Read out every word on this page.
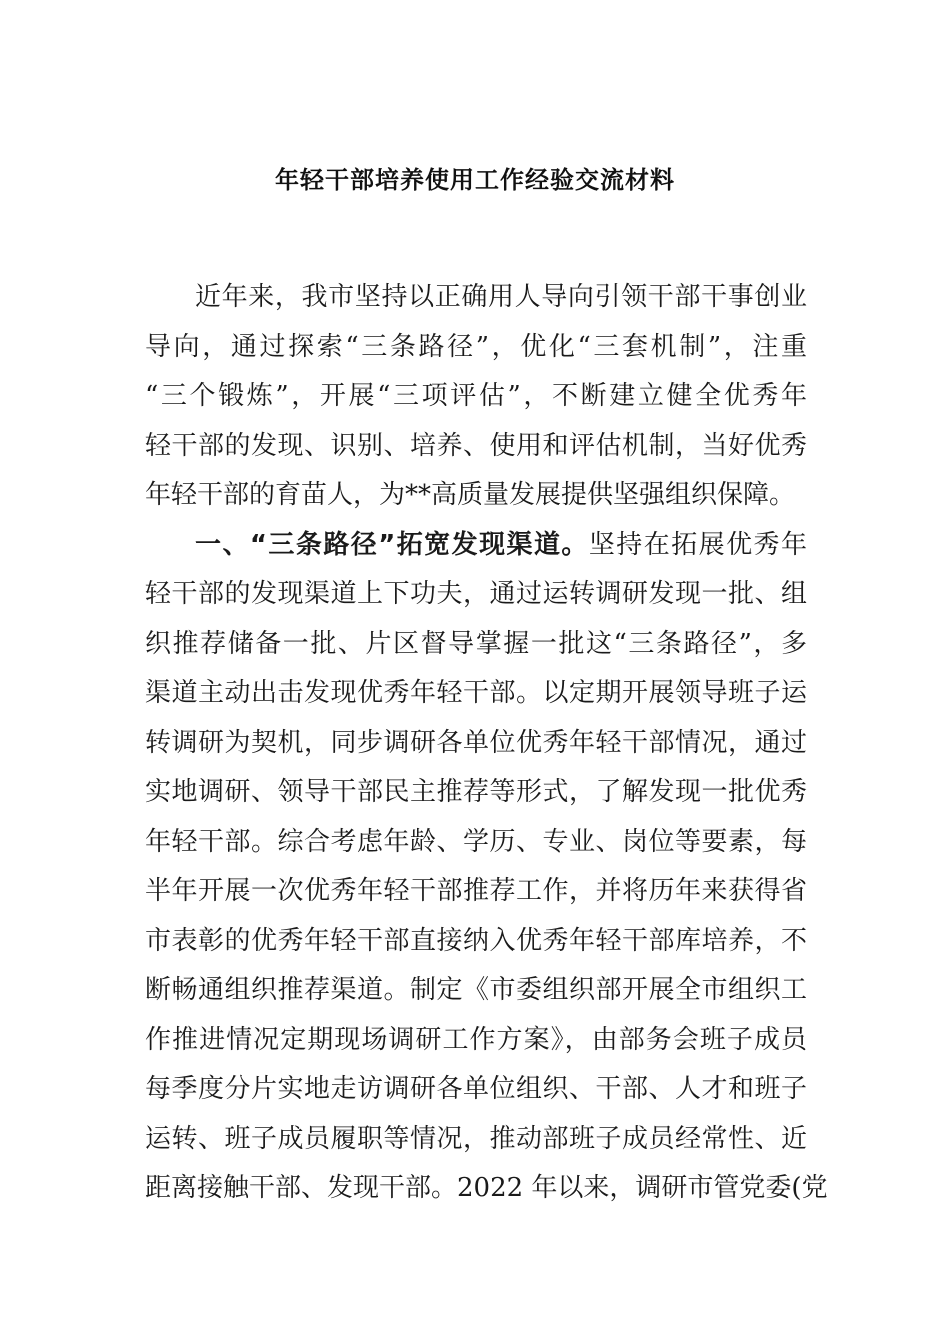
年轻干部培养使用工作经验交流材料
近年来，我市坚持以正确用人导向引领干部干事创业
导向，通过探索“三条路径”，优化“三套机制”，注重
“三个锻炼”，开展“三项评估”，不断建立健全优秀年
轻干部的发现、识别、培养、使用和评估机制，当好优秀
年轻干部的育苗人，为**高质量发展提供坚强组织保障。
一、“三条路径”拓宽发现渠道。坚持在拓展优秀年
轻干部的发现渠道上下功夫，通过运转调研发现一批、组
织推荐储备一批、片区督导掌握一批这“三条路径”，多
渠道主动出击发现优秀年轻干部。以定期开展领导班子运
转调研为契机，同步调研各单位优秀年轻干部情况，通过
实地调研、领导干部民主推荐等形式，了解发现一批优秀
年轻干部。综合考虑年龄、学历、专业、岗位等要素，每
半年开展一次优秀年轻干部推荐工作，并将历年来获得省
市表彰的优秀年轻干部直接纳入优秀年轻干部库培养，不
断畅通组织推荐渠道。制定《市委组织部开展全市组织工
作推进情况定期现场调研工作方案》，由部务会班子成员
每季度分片实地走访调研各单位组织、干部、人才和班子
运转、班子成员履职等情况，推动部班子成员经常性、近
距离接触干部、发现干部。2022 年以来，调研市管党委(党
